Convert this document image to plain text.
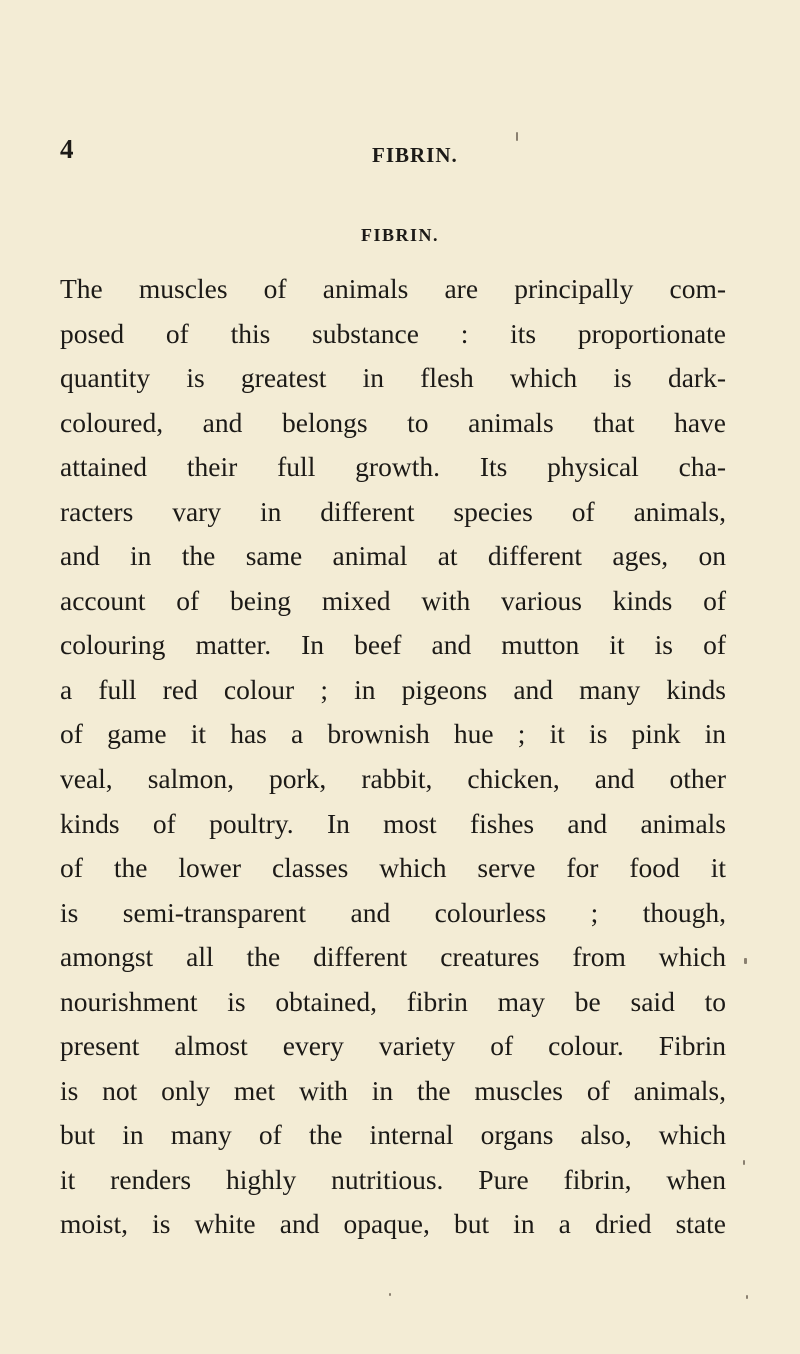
4	FIBRIN.
FIBRIN.
The muscles of animals are principally com-
posed of this substance : its proportionate
quantity is greatest in flesh which is dark-
coloured, and belongs to animals that have
attained their full growth. Its physical cha-
racters vary in different species of animals,
and in the same animal at different ages, on
account of being mixed with various kinds of
colouring matter. In beef and mutton it is of
a full red colour ; in pigeons and many kinds
of game it has a brownish hue ; it is pink in
veal, salmon, pork, rabbit, chicken, and other
kinds of poultry. In most fishes and animals
of the lower classes which serve for food it
is semi-transparent and colourless ; though,
amongst all the different creatures from which
nourishment is obtained, fibrin may be said to
present almost every variety of colour. Fibrin
is not only met with in the muscles of animals,
but in many of the internal organs also, which
it renders highly nutritious. Pure fibrin, when
moist, is white and opaque, but in a dried state
